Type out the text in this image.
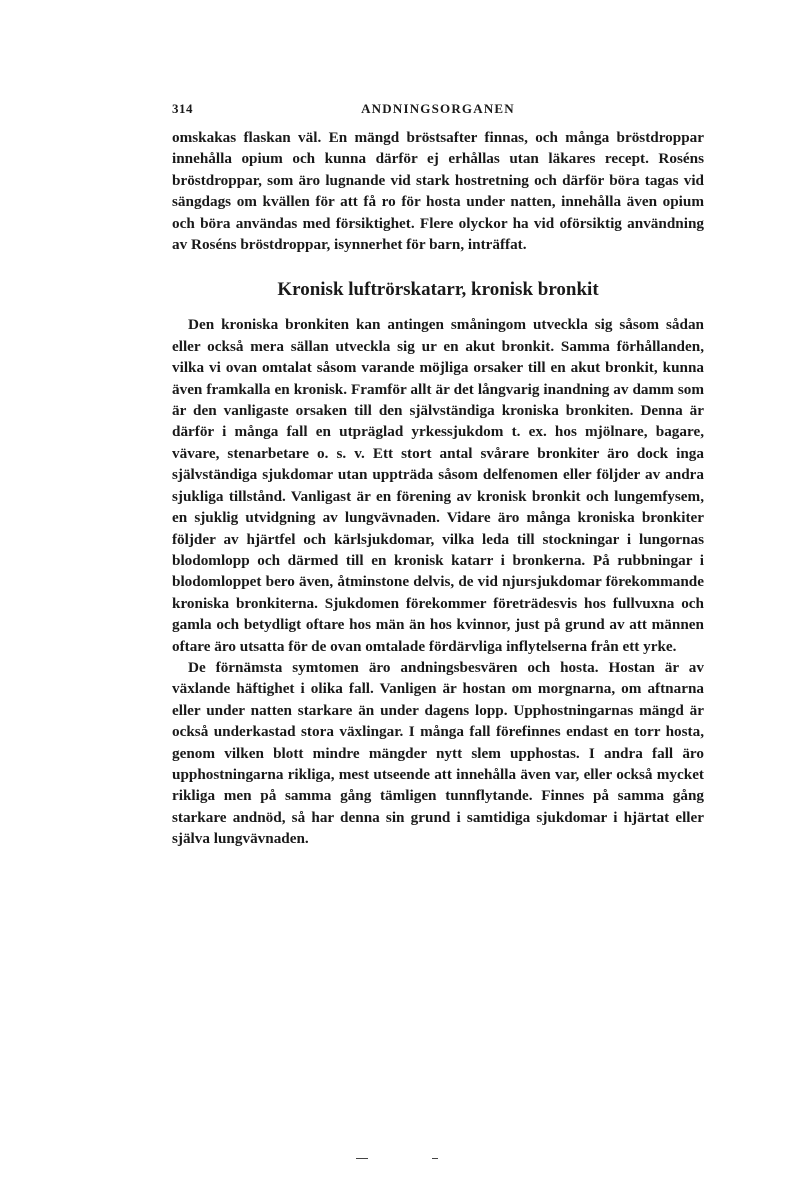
314	ANDNINGSORGANEN

omskakas flaskan väl. En mängd bröstsafter finnas, och många bröstdroppar innehålla opium och kunna därför ej erhållas utan läkares recept. Roséns bröstdroppar, som äro lugnande vid stark hostretning och därför böra tagas vid sängdags om kvällen för att få ro för hosta under natten, innehålla även opium och böra användas med försiktighet. Flere olyckor ha vid oförsiktig användning av Roséns bröstdroppar, isynnerhet för barn, inträffat.

Kronisk luftrörskatarr, kronisk bronkit

Den kroniska bronkiten kan antingen småningom utveckla sig såsom sådan eller också mera sällan utveckla sig ur en akut bronkit. Samma förhållanden, vilka vi ovan omtalat såsom varande möjliga orsaker till en akut bronkit, kunna även framkalla en kronisk. Framför allt är det långvarig inandning av damm som är den vanligaste orsaken till den självständiga kroniska bronkiten. Denna är därför i många fall en utpräglad yrkessjukdom t. ex. hos mjölnare, bagare, vävare, stenarbetare o. s. v. Ett stort antal svårare bronkiter äro dock inga självständiga sjukdomar utan uppträda såsom delfenomen eller följder av andra sjukliga tillstånd. Vanligast är en förening av kronisk bronkit och lungemfysem, en sjuklig utvidgning av lungvävnaden. Vidare äro många kroniska bronkiter följder av hjärtfel och kärlsjukdomar, vilka leda till stockningar i lungornas blodomlopp och därmed till en kronisk katarr i bronkerna. På rubbningar i blodomloppet bero även, åtminstone delvis, de vid njursjukdomar förekommande kroniska bronkiterna. Sjukdomen förekommer företrädesvis hos fullvuxna och gamla och betydligt oftare hos män än hos kvinnor, just på grund av att männen oftare äro utsatta för de ovan omtalade fördärvliga inflytelserna från ett yrke.

De förnämsta symtomen äro andningsbesvären och hosta. Hostan är av växlande häftighet i olika fall. Vanligen är hostan om morgnarna, om aftnarna eller under natten starkare än under dagens lopp. Upphostningarnas mängd är också underkastad stora växlingar. I många fall förefinnes endast en torr hosta, genom vilken blott mindre mängder nytt slem upphostas. I andra fall äro upphostningarna rikliga, mest utseende att innehålla även var, eller också mycket rikliga men på samma gång tämligen tunnflytande. Finnes på samma gång starkare andnöd, så har denna sin grund i samtidiga sjukdomar i hjärtat eller själva lungvävnaden.
